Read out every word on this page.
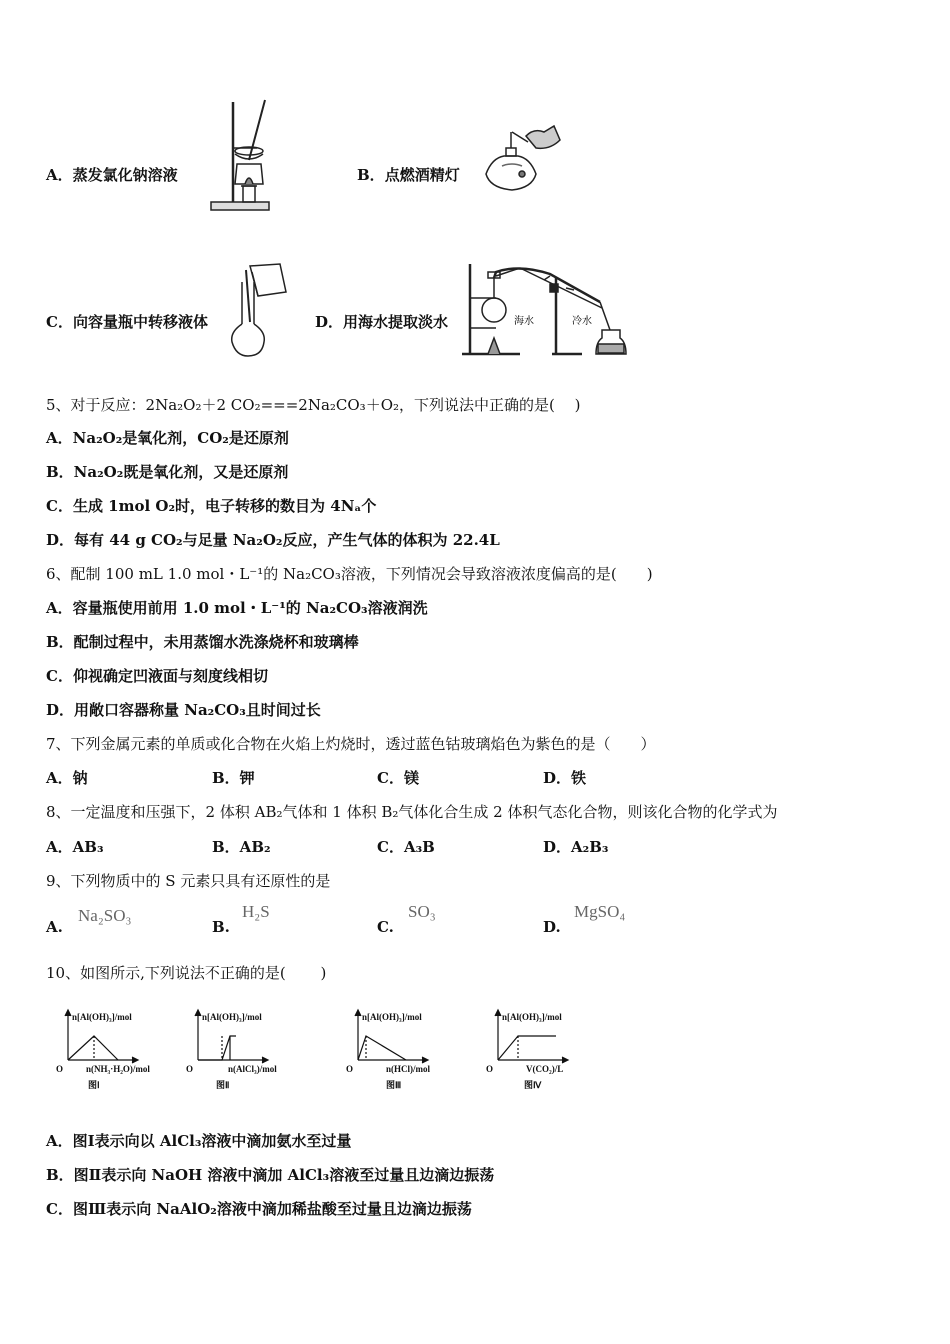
A．蒸发氯化钠溶液	B．点燃酒精灯
C．向容量瓶中转移液体	D．用海水提取淡水	海水	冷水
5、对于反应：2Na₂O₂＋2 CO₂===2Na₂CO₃＋O₂，下列说法中正确的是(　 )
A．Na₂O₂是氧化剂，CO₂是还原剂
B．Na₂O₂既是氧化剂，又是还原剂
C．生成 1mol O₂时，电子转移的数目为 4Nₐ个
D．每有 44 g CO₂与足量 Na₂O₂反应，产生气体的体积为 22.4L
6、配制 100 mL 1.0 mol・L⁻¹的 Na₂CO₃溶液，下列情况会导致溶液浓度偏高的是(　　)
A．容量瓶使用前用 1.0 mol・L⁻¹的 Na₂CO₃溶液润洗
B．配制过程中，未用蒸馏水洗涤烧杯和玻璃棒
C．仰视确定凹液面与刻度线相切
D．用敞口容器称量 Na₂CO₃且时间过长
7、下列金属元素的单质或化合物在火焰上灼烧时，透过蓝色钴玻璃焰色为紫色的是（　　）
A．钠	B．钾	C．镁	D．铁
8、一定温度和压强下，2 体积 AB₂气体和 1 体积 B₂气体化合生成 2 体积气态化合物，则该化合物的化学式为
A．AB₃	B．AB₂	C．A₃B	D．A₂B₃
9、下列物质中的 S 元素只具有还原性的是
A.
Na₂SO₃
B.
H₂S
C.
SO₃
D.
MgSO₄
10、如图所示,下列说法不正确的是(　　 )
n[Al(OH)₃]/mol
O	n(NH₃·H₂O)/mol
图Ⅰ
n[Al(OH)₃]/mol
O	n(AlCl₃)/mol
图Ⅱ
n[Al(OH)₃]/mol
O	n(HCl)/mol
图Ⅲ
n[Al(OH)₃]/mol
O	V(CO₂)/L
图Ⅳ
A．图Ⅰ表示向以 AlCl₃溶液中滴加氨水至过量
B．图Ⅱ表示向 NaOH 溶液中滴加 AlCl₃溶液至过量且边滴边振荡
C．图Ⅲ表示向 NaAlO₂溶液中滴加稀盐酸至过量且边滴边振荡
